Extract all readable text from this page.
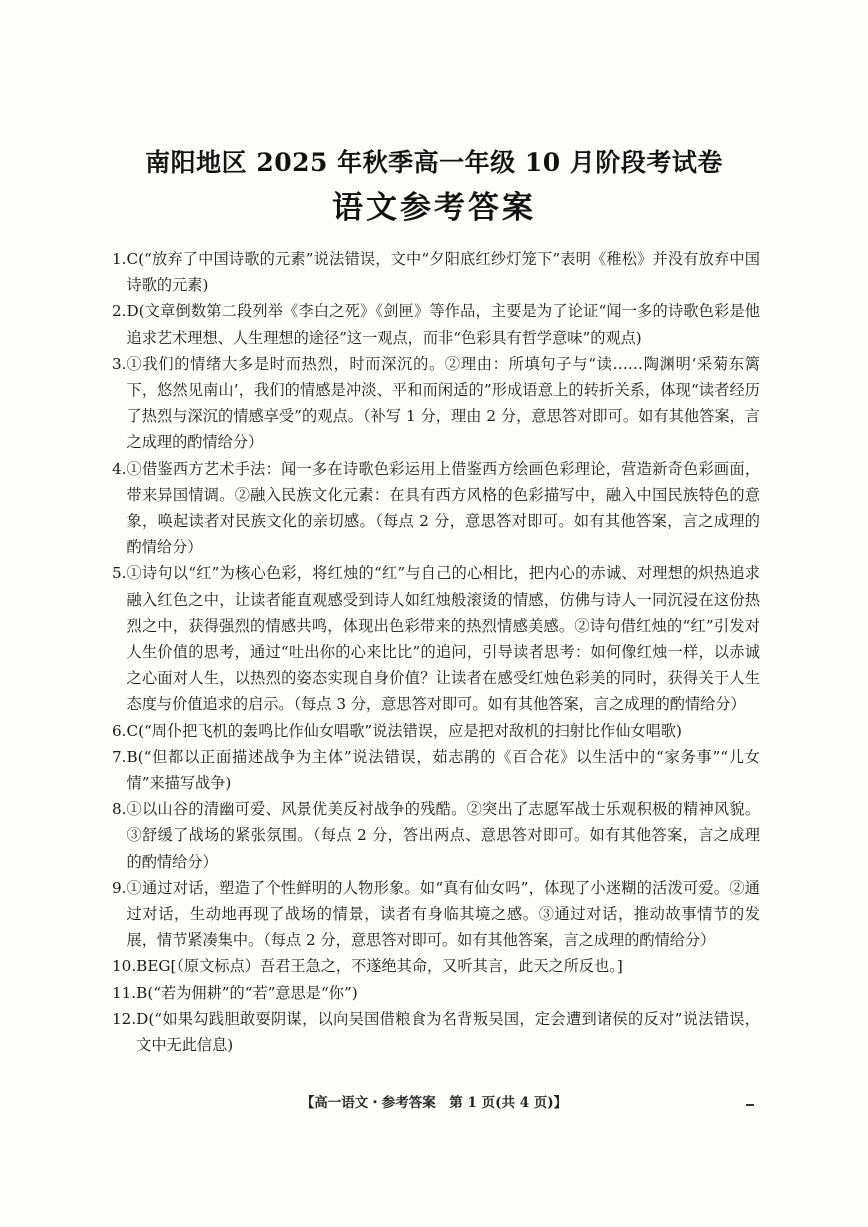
南阳地区 2025 年秋季高一年级 10 月阶段考试卷
语文参考答案
1. C(“放弃了中国诗歌的元素”说法错误，文中“夕阳底红纱灯笼下”表明《稚松》并没有放弃中国诗歌的元素)
2. D(文章倒数第二段列举《李白之死》《剑匣》等作品，主要是为了论证“闻一多的诗歌色彩是他追求艺术理想、人生理想的途径”这一观点，而非“色彩具有哲学意味”的观点)
3. ①我们的情绪大多是时而热烈，时而深沉的。②理由：所填句子与“读……陶渊明‘采菊东篱下，悠然见南山’，我们的情感是冲淡、平和而闲适的”形成语意上的转折关系，体现“读者经历了热烈与深沉的情感享受”的观点。（补写 1 分，理由 2 分，意思答对即可。如有其他答案，言之成理的酌情给分）
4. ①借鉴西方艺术手法：闻一多在诗歌色彩运用上借鉴西方绘画色彩理论，营造新奇色彩画面，带来异国情调。②融入民族文化元素：在具有西方风格的色彩描写中，融入中国民族特色的意象，唤起读者对民族文化的亲切感。（每点 2 分，意思答对即可。如有其他答案，言之成理的酌情给分）
5. ①诗句以“红”为核心色彩，将红烛的“红”与自己的心相比，把内心的赤诚、对理想的炽热追求融入红色之中，让读者能直观感受到诗人如红烛般滚烫的情感，仿佛与诗人一同沉浸在这份热烈之中，获得强烈的情感共鸣，体现出色彩带来的热烈情感美感。②诗句借红烛的“红”引发对人生价值的思考，通过“吐出你的心来比比”的追问，引导读者思考：如何像红烛一样，以赤诚之心面对人生，以热烈的姿态实现自身价值？让读者在感受红烛色彩美的同时，获得关于人生态度与价值追求的启示。（每点 3 分，意思答对即可。如有其他答案，言之成理的酌情给分）
6. C(“周仆把飞机的轰鸣比作仙女唱歌”说法错误，应是把对敌机的扫射比作仙女唱歌)
7. B(“但都以正面描述战争为主体”说法错误，茹志鹃的《百合花》以生活中的“家务事”“儿女情”来描写战争)
8. ①以山谷的清幽可爱、风景优美反衬战争的残酷。②突出了志愿军战士乐观积极的精神风貌。③舒缓了战场的紧张氛围。（每点 2 分，答出两点、意思答对即可。如有其他答案，言之成理的酌情给分）
9. ①通过对话，塑造了个性鲜明的人物形象。如“真有仙女吗”，体现了小迷糊的活泼可爱。②通过对话，生动地再现了战场的情景，读者有身临其境之感。③通过对话，推动故事情节的发展，情节紧凑集中。（每点 2 分，意思答对即可。如有其他答案，言之成理的酌情给分）
10. BEG[（原文标点）吾君王急之，不遂绝其命，又听其言，此天之所反也。]
11. B(“若为佣耕”的“若”意思是“你”)
12. D(“如果勾践胆敢耍阴谋，以向吴国借粮食为名背叛吴国，定会遭到诸侯的反对”说法错误，文中无此信息)
【高一语文・参考答案　第 1 页(共 4 页)】
